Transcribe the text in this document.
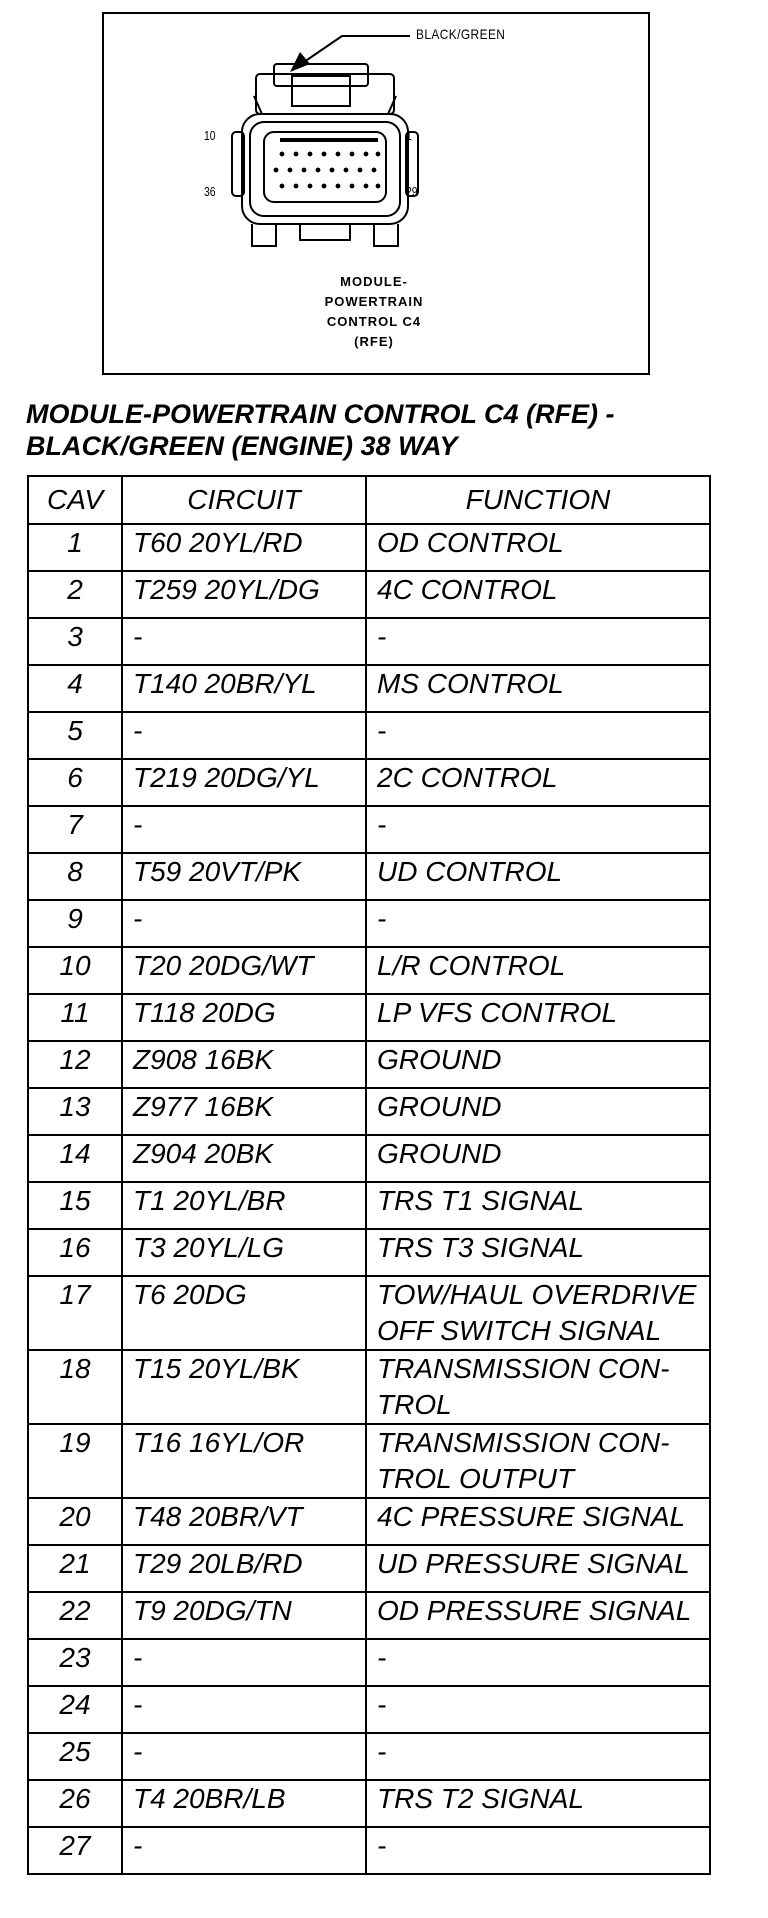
BLACK/GREEN
10	1
36	29
MODULE-
POWERTRAIN
CONTROL C4
(RFE)
MODULE-POWERTRAIN CONTROL C4 (RFE) -
BLACK/GREEN (ENGINE) 38 WAY
CAV	CIRCUIT	FUNCTION
1	T60 20YL/RD	OD CONTROL
2	T259 20YL/DG	4C CONTROL
3	-	-
4	T140 20BR/YL	MS CONTROL
5	-	-
6	T219 20DG/YL	2C CONTROL
7	-	-
8	T59 20VT/PK	UD CONTROL
9	-	-
10	T20 20DG/WT	L/R CONTROL
11	T118 20DG	LP VFS CONTROL
12	Z908 16BK	GROUND
13	Z977 16BK	GROUND
14	Z904 20BK	GROUND
15	T1 20YL/BR	TRS T1 SIGNAL
16	T3 20YL/LG	TRS T3 SIGNAL
17	T6 20DG	TOW/HAUL OVERDRIVE
OFF SWITCH SIGNAL
18	T15 20YL/BK	TRANSMISSION CON-
TROL
19	T16 16YL/OR	TRANSMISSION CON-
TROL OUTPUT
20	T48 20BR/VT	4C PRESSURE SIGNAL
21	T29 20LB/RD	UD PRESSURE SIGNAL
22	T9 20DG/TN	OD PRESSURE SIGNAL
23	-	-
24	-	-
25	-	-
26	T4 20BR/LB	TRS T2 SIGNAL
27	-	-
